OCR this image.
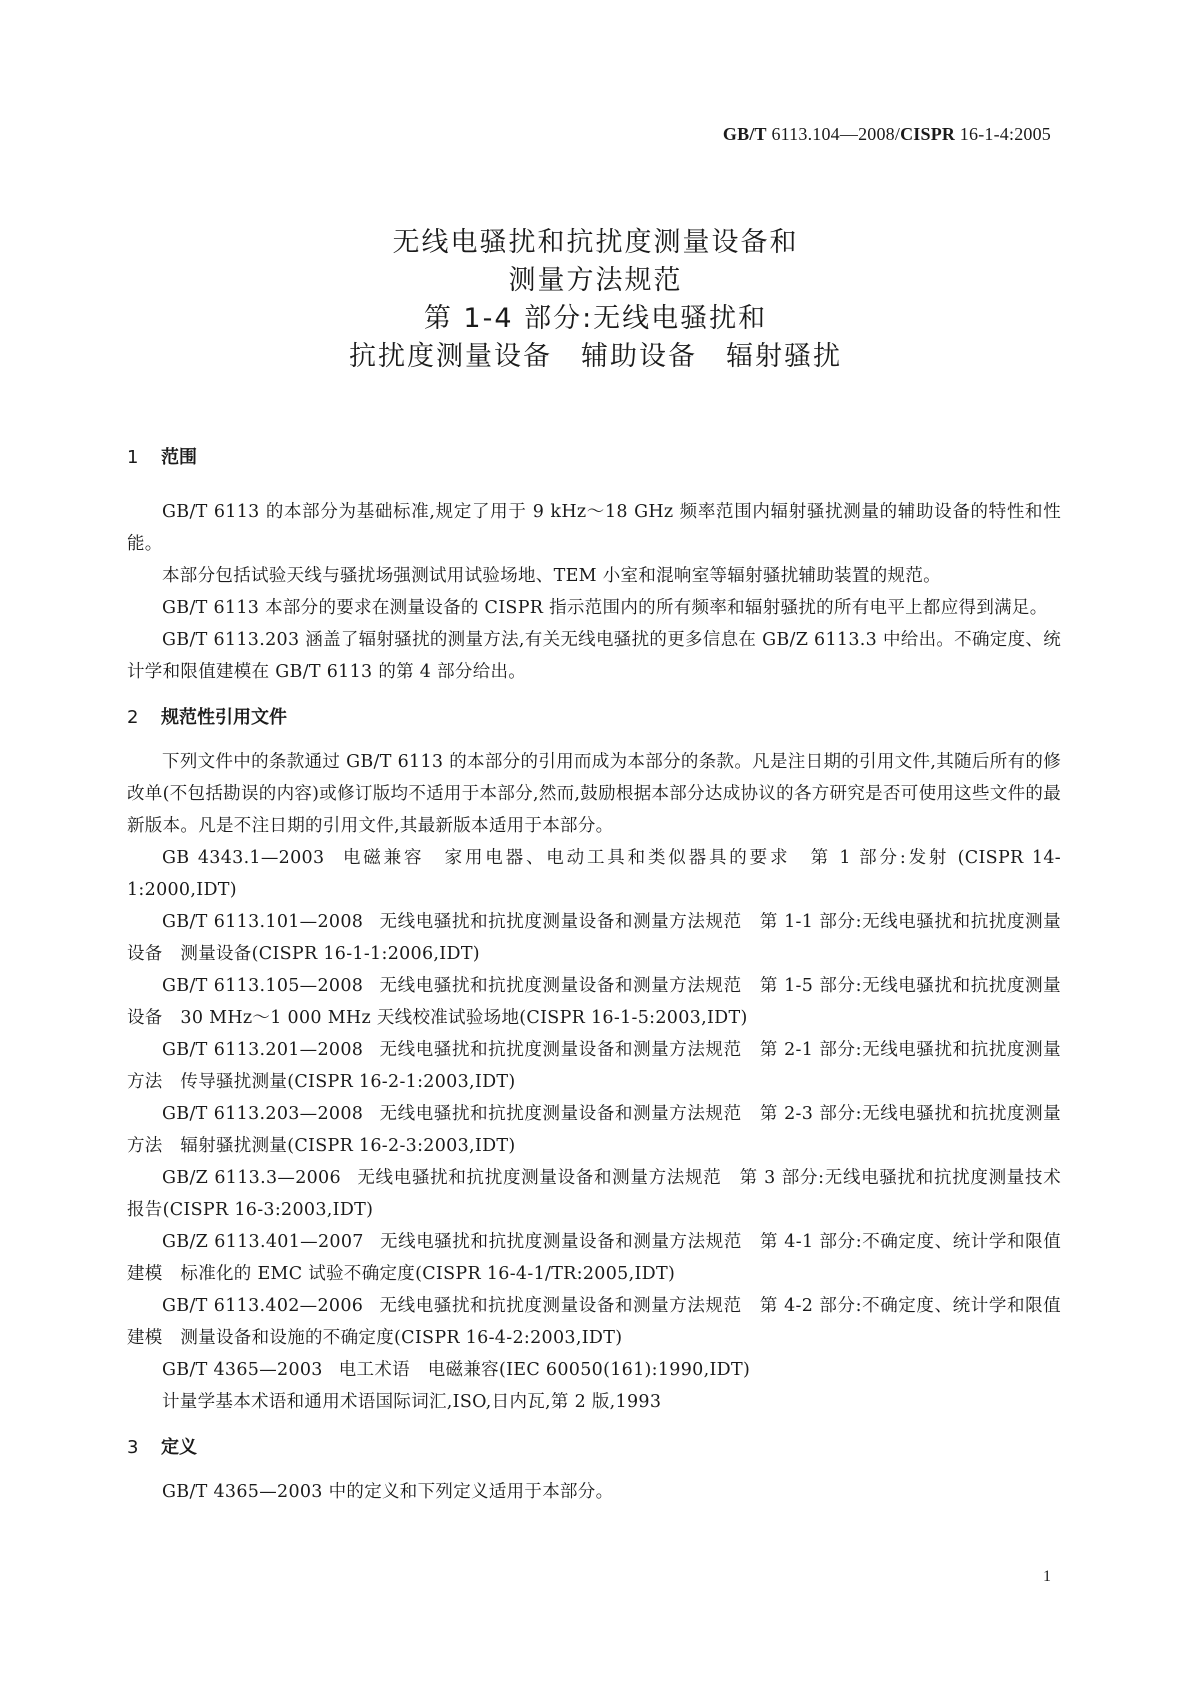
GB/T 6113.104—2008/CISPR 16-1-4:2005
无线电骚扰和抗扰度测量设备和
测量方法规范
第 1-4 部分:无线电骚扰和
抗扰度测量设备　辅助设备　辐射骚扰
1	范围

GB/T 6113 的本部分为基础标准,规定了用于 9 kHz～18 GHz 频率范围内辐射骚扰测量的辅助设备的特性和性能。

本部分包括试验天线与骚扰场强测试用试验场地、TEM 小室和混响室等辐射骚扰辅助装置的规范。

GB/T 6113 本部分的要求在测量设备的 CISPR 指示范围内的所有频率和辐射骚扰的所有电平上都应得到满足。

GB/T 6113.203 涵盖了辐射骚扰的测量方法,有关无线电骚扰的更多信息在 GB/Z 6113.3 中给出。不确定度、统计学和限值建模在 GB/T 6113 的第 4 部分给出。

2	规范性引用文件

下列文件中的条款通过 GB/T 6113 的本部分的引用而成为本部分的条款。凡是注日期的引用文件,其随后所有的修改单(不包括勘误的内容)或修订版均不适用于本部分,然而,鼓励根据本部分达成协议的各方研究是否可使用这些文件的最新版本。凡是不注日期的引用文件,其最新版本适用于本部分。

GB 4343.1—2003 电磁兼容　家用电器、电动工具和类似器具的要求　第 1 部分:发射 (CISPR 14-1:2000,IDT)
GB/T 6113.101—2008 无线电骚扰和抗扰度测量设备和测量方法规范　第 1-1 部分:无线电骚扰和抗扰度测量设备　测量设备(CISPR 16-1-1:2006,IDT)
GB/T 6113.105—2008 无线电骚扰和抗扰度测量设备和测量方法规范　第 1-5 部分:无线电骚扰和抗扰度测量设备　30 MHz～1 000 MHz 天线校准试验场地(CISPR 16-1-5:2003,IDT)
GB/T 6113.201—2008 无线电骚扰和抗扰度测量设备和测量方法规范　第 2-1 部分:无线电骚扰和抗扰度测量方法　传导骚扰测量(CISPR 16-2-1:2003,IDT)
GB/T 6113.203—2008 无线电骚扰和抗扰度测量设备和测量方法规范　第 2-3 部分:无线电骚扰和抗扰度测量方法　辐射骚扰测量(CISPR 16-2-3:2003,IDT)
GB/Z 6113.3—2006 无线电骚扰和抗扰度测量设备和测量方法规范　第 3 部分:无线电骚扰和抗扰度测量技术报告(CISPR 16-3:2003,IDT)
GB/Z 6113.401—2007 无线电骚扰和抗扰度测量设备和测量方法规范　第 4-1 部分:不确定度、统计学和限值建模　标准化的 EMC 试验不确定度(CISPR 16-4-1/TR:2005,IDT)
GB/T 6113.402—2006 无线电骚扰和抗扰度测量设备和测量方法规范　第 4-2 部分:不确定度、统计学和限值建模　测量设备和设施的不确定度(CISPR 16-4-2:2003,IDT)
GB/T 4365—2003 电工术语　电磁兼容(IEC 60050(161):1990,IDT)
计量学基本术语和通用术语国际词汇,ISO,日内瓦,第 2 版,1993
3	定义

GB/T 4365—2003 中的定义和下列定义适用于本部分。

1
